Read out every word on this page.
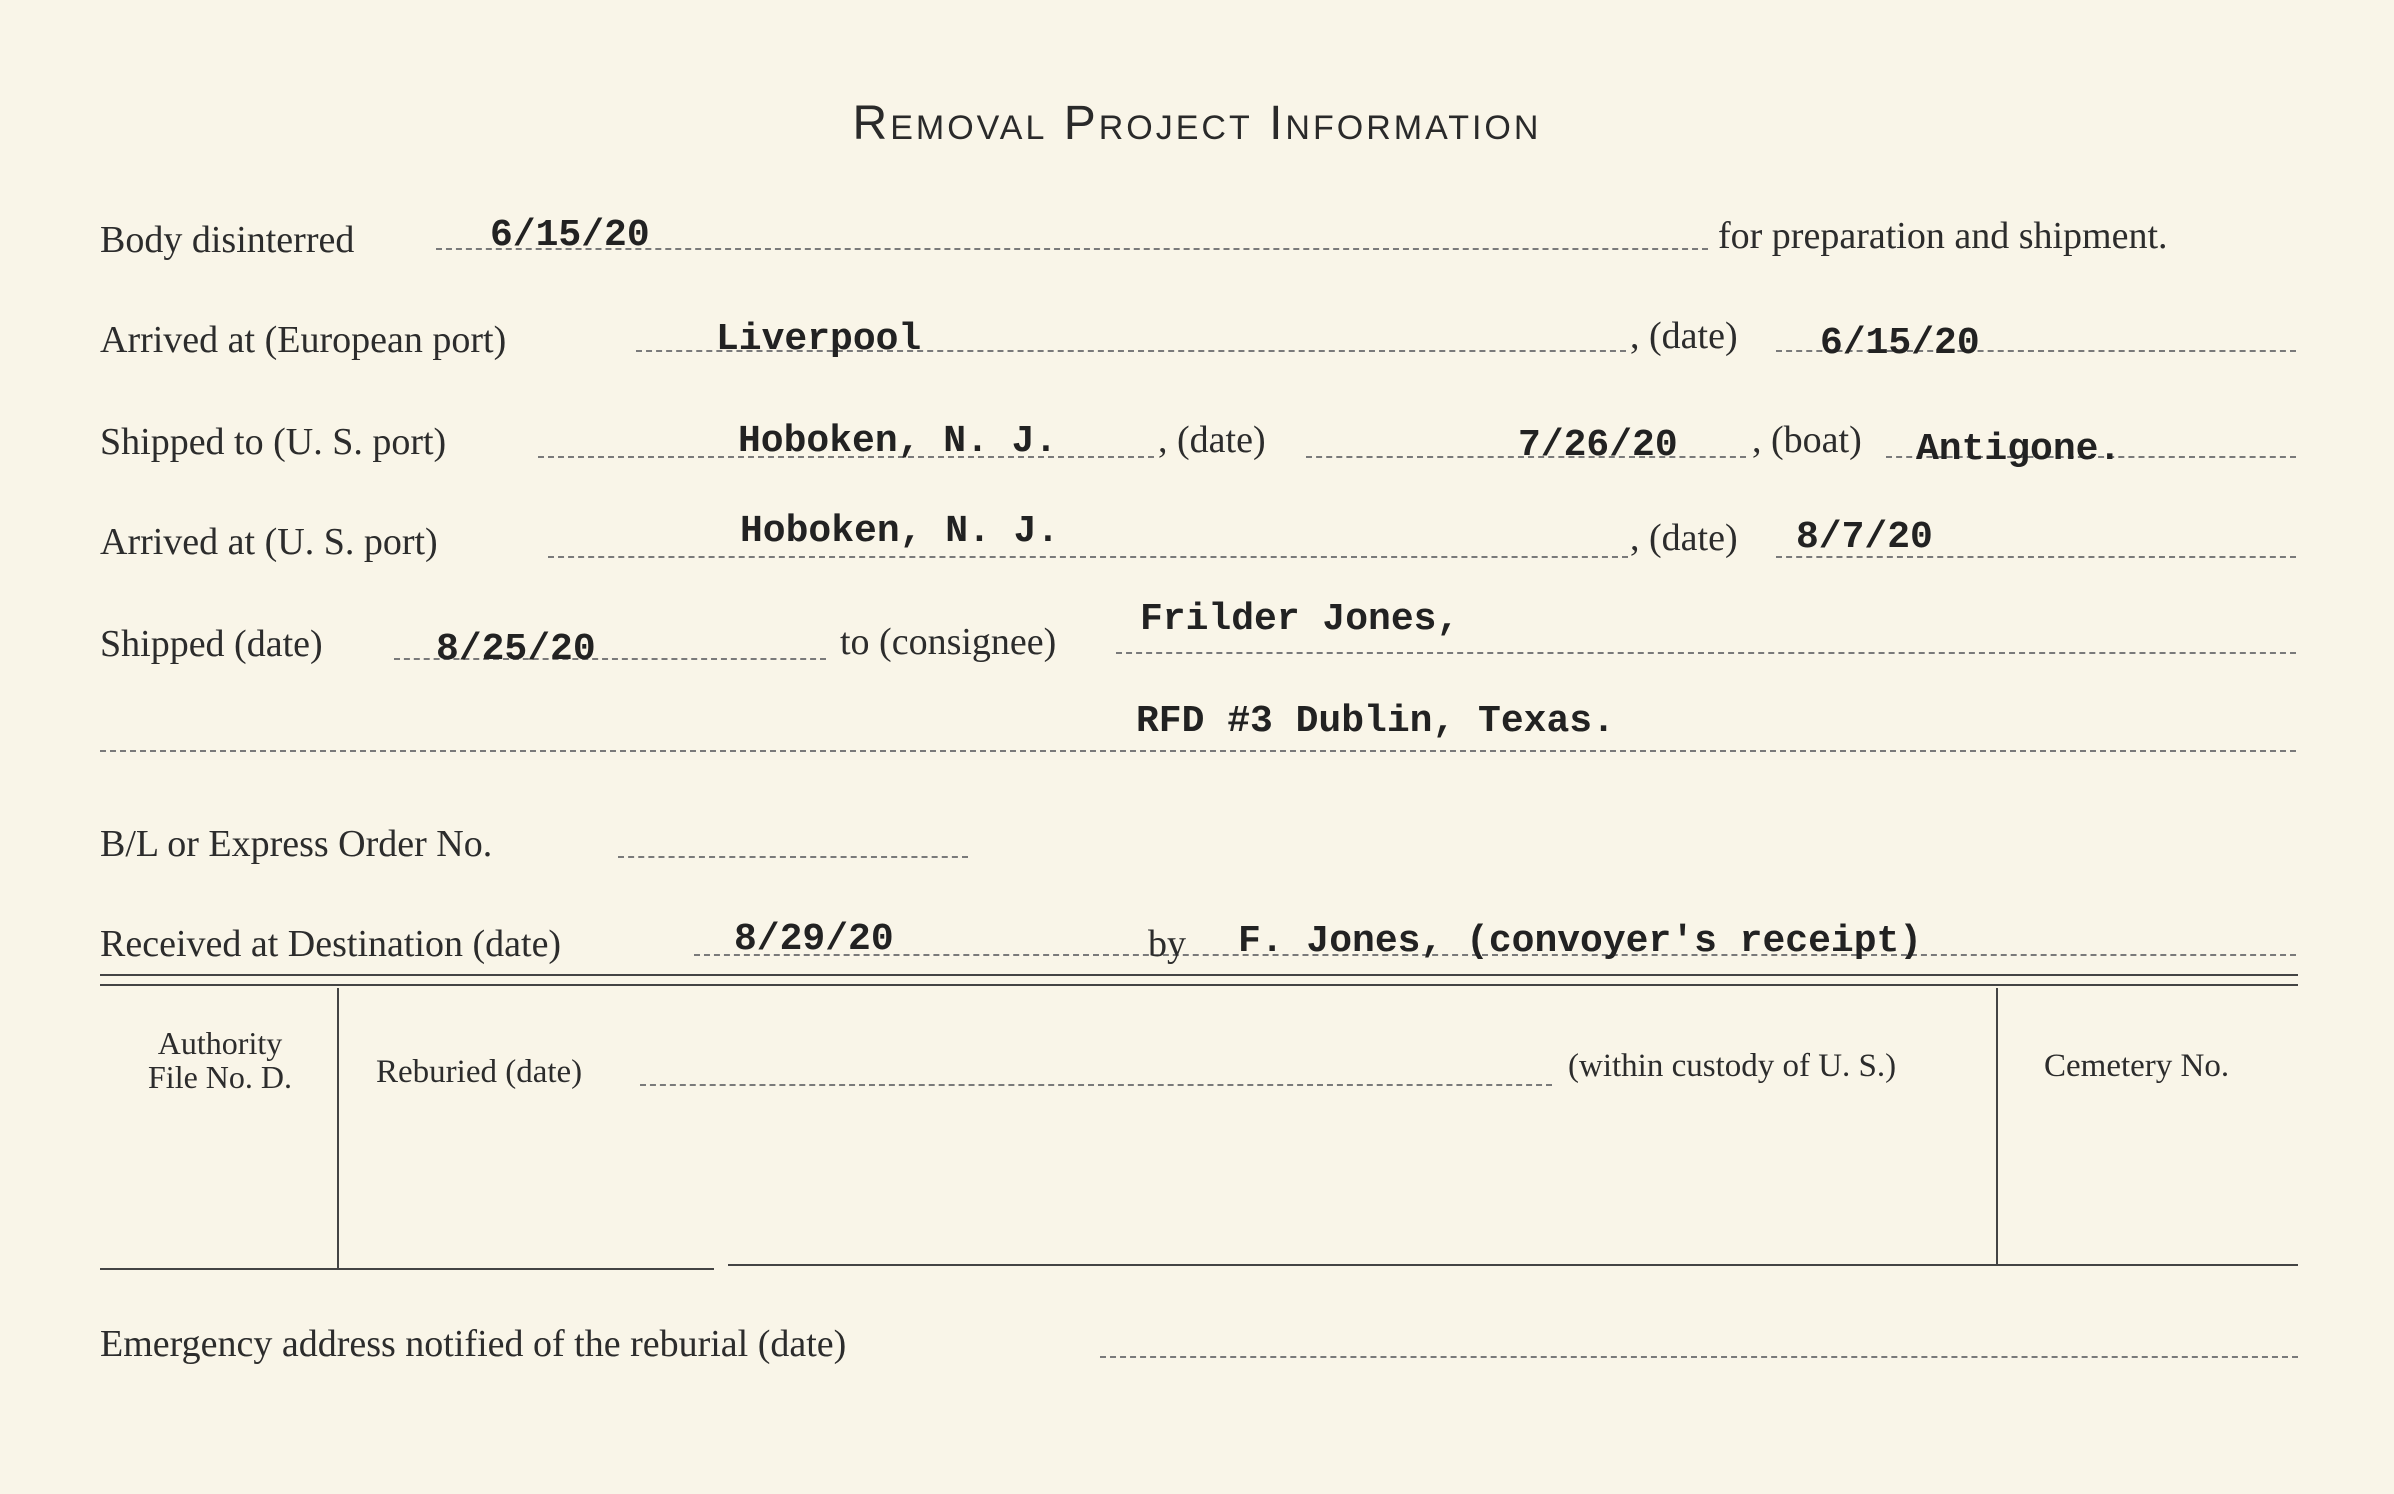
Removal Project Information
Body disinterred	6/15/20	for preparation and shipment.
Arrived at (European port)	Liverpool	, (date) 6/15/20
Shipped to (U. S. port)	Hoboken, N. J.	, (date)	7/26/20 , (boat) Antigone.
Arrived at (U. S. port)	Hoboken, N. J.	, (date) 8/7/20
Shipped (date)	8/25/20	to (consignee)
Frilder Jones,
RFD #3 Dublin, Texas.
B/L or Express Order No.
Received at Destination (date)	8/29/20	by F. Jones, (convoyer's receipt)
Authority
File No. D.	Reburied (date)	(within custody of U. S.)	Cemetery No.
Emergency address notified of the reburial (date)
